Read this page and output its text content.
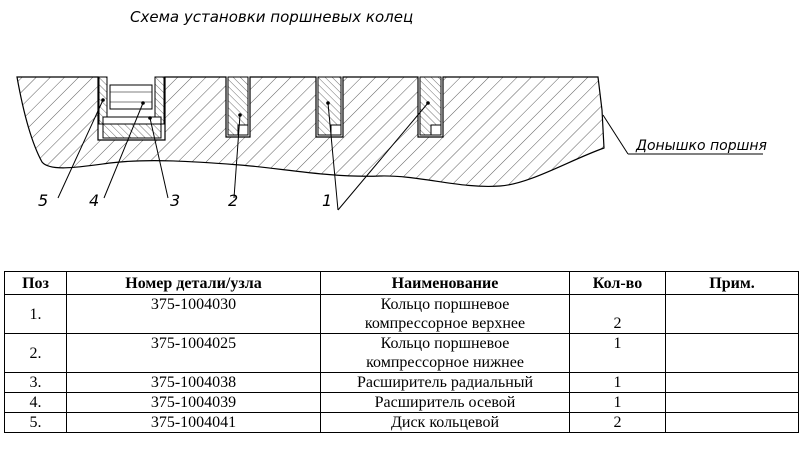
Схема установки поршневых колец
5	4	3	2	1
Донышко поршня
Поз	Номер детали/узла	Наименование	Кол-во	Прим.
1.	375-1004030	Кольцо поршневое
компрессорное верхнее	2	
2.	375-1004025	Кольцо поршневое
компрессорное нижнее	1	
3.	375-1004038	Расширитель радиальный	1	
4.	375-1004039	Расширитель осевой	1	
5.	375-1004041	Диск кольцевой	2	
